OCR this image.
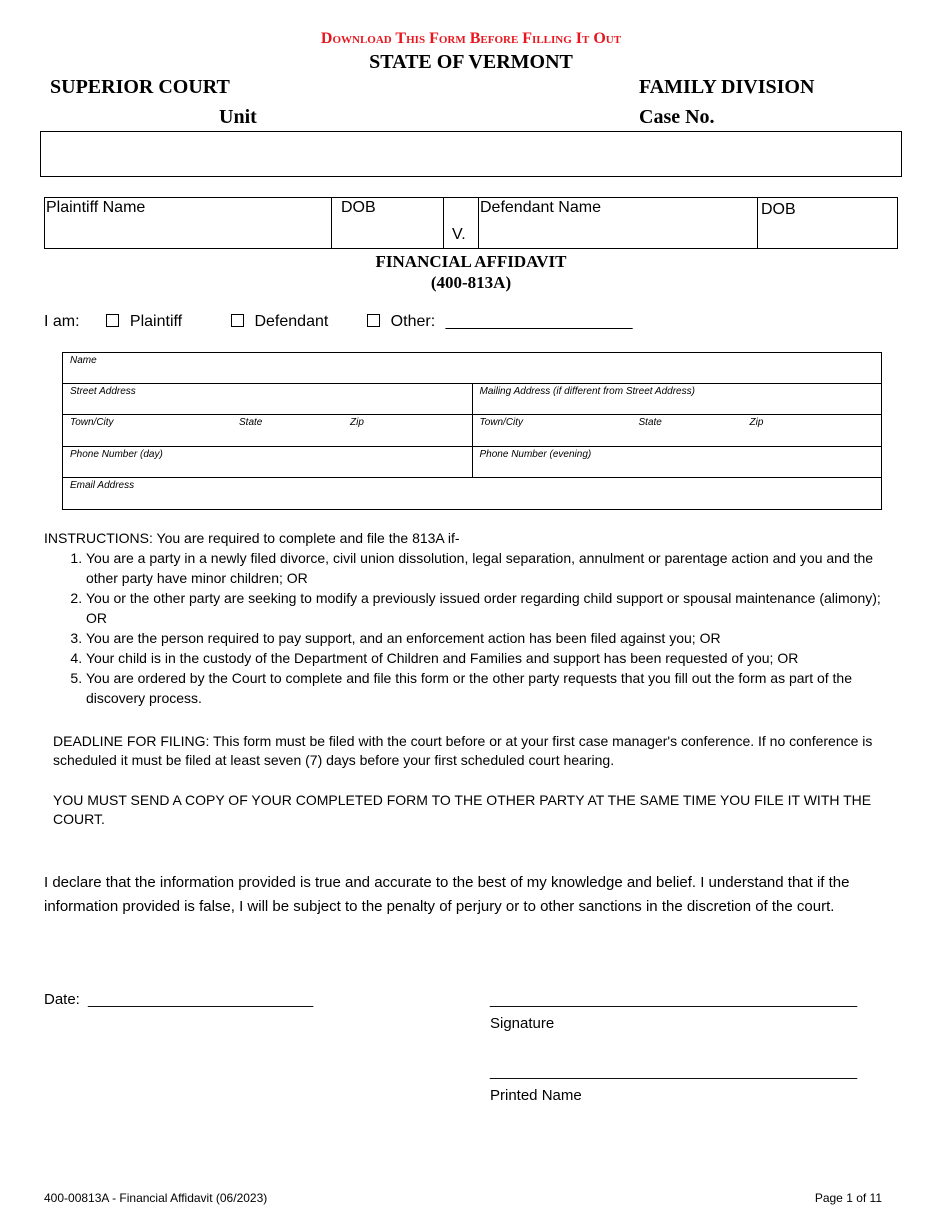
Download This Form Before Filling It Out
STATE OF VERMONT
SUPERIOR COURT	FAMILY DIVISION
Unit	Case No.
Plaintiff Name	DOB
V.
Defendant Name	DOB
FINANCIAL AFFIDAVIT
(400-813A)
I am:	Plaintiff	Defendant	Other: _____________________
Name
Street Address	Mailing Address (if different from Street Address)
Town/City	State	Zip	Town/City	State	Zip
Phone Number (day)	Phone Number (evening)
Email Address
INSTRUCTIONS: You are required to complete and file the 813A if-
1. You are a party in a newly filed divorce, civil union dissolution, legal separation, annulment or parentage action and you and the other party have minor children; OR
2. You or the other party are seeking to modify a previously issued order regarding child support or spousal maintenance (alimony); OR
3. You are the person required to pay support, and an enforcement action has been filed against you; OR
4. Your child is in the custody of the Department of Children and Families and support has been requested of you; OR
5. You are ordered by the Court to complete and file this form or the other party requests that you fill out the form as part of the discovery process.
DEADLINE FOR FILING: This form must be filed with the court before or at your first case manager's conference. If no conference is scheduled it must be filed at least seven (7) days before your first scheduled court hearing.
YOU MUST SEND A COPY OF YOUR COMPLETED FORM TO THE OTHER PARTY AT THE SAME TIME YOU FILE IT WITH THE COURT.
I declare that the information provided is true and accurate to the best of my knowledge and belief. I understand that if the information provided is false, I will be subject to the penalty of perjury or to other sanctions in the discretion of the court.
Date: ___________________________	____________________________________________
Signature
____________________________________________
Printed Name
400-00813A - Financial Affidavit (06/2023)	Page 1 of 11
